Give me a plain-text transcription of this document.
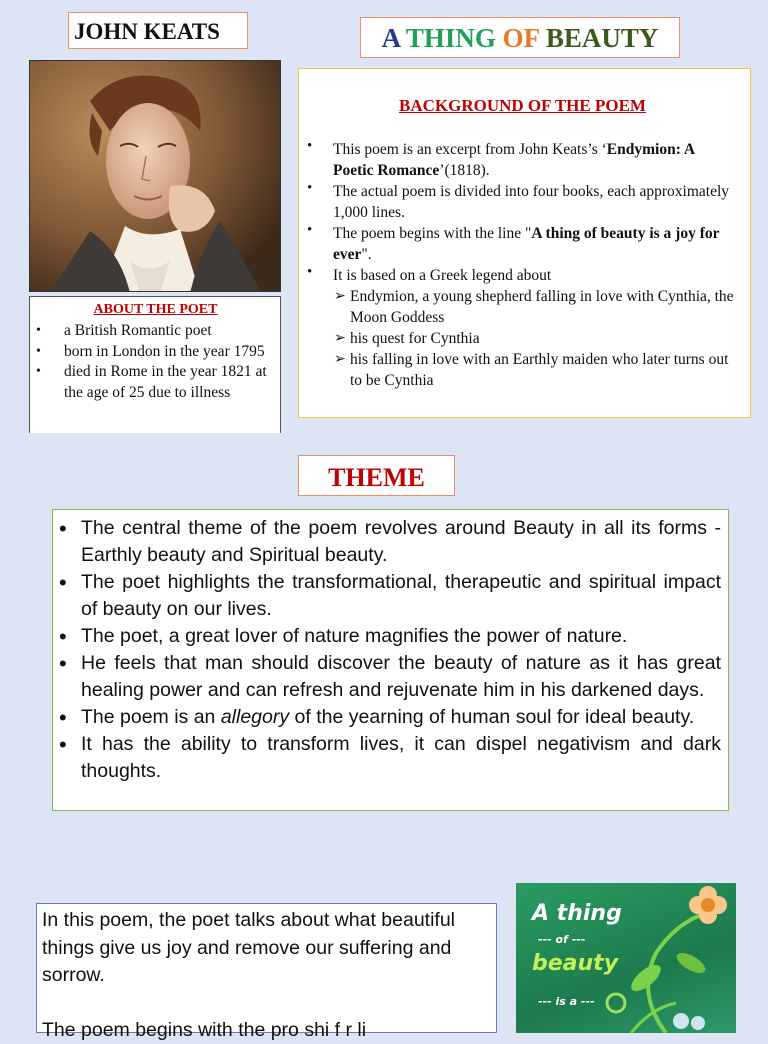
JOHN KEATS	A THING OF BEAUTY
ABOUT THE POET
• a British Romantic poet
• born in London in the year 1795
• died in Rome in the year 1821 at the age of 25 due to illness
BACKGROUND OF THE POEM
• This poem is an excerpt from John Keats’s ‘Endymion: A Poetic Romance’(1818).
• The actual poem is divided into four books, each approximately 1,000 lines.
• The poem begins with the line "A thing of beauty is a joy for ever".
• It is based on a Greek legend about
➢ Endymion, a young shepherd falling in love with Cynthia, the Moon Goddess
➢ his quest for Cynthia
➢ his falling in love with an Earthly maiden who later turns out to be Cynthia
THEME
• The central theme of the poem revolves around Beauty in all its forms - Earthly beauty and Spiritual beauty.
• The poet highlights the transformational, therapeutic and spiritual impact of beauty on our lives.
• The poet, a great lover of nature magnifies the power of nature.
• He feels that man should discover the beauty of nature as it has great healing power and can refresh and rejuvenate him in his darkened days.
• The poem is an allegory of the yearning of human soul for ideal beauty.
• It has the ability to transform lives, it can dispel negativism and dark thoughts.

In this poem, the poet talks about what beautiful things give us joy and remove our suffering and sorrow.

The poem begins with the pro shi f r li

A thing
--- of ---
beauty
--- is a ---
